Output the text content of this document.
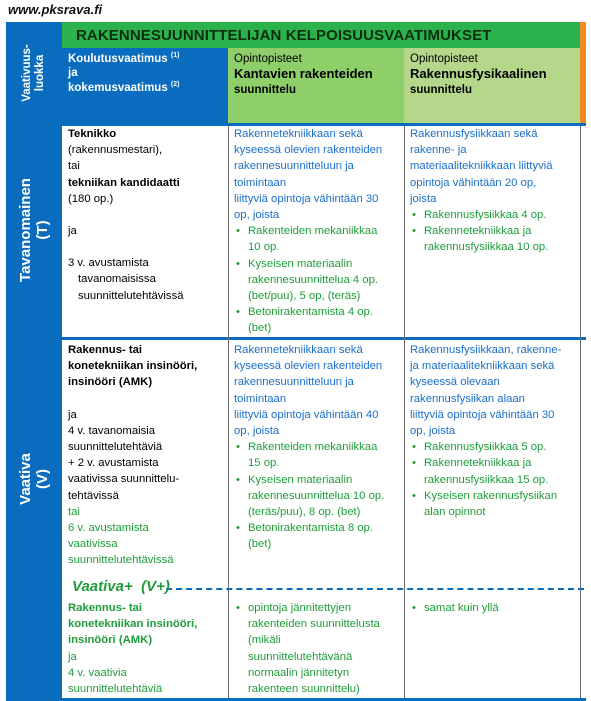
www.pksrava.fi
Vaativuus- luokka
RAKENNESUUNNITTELIJAN KELPOISUUSVAATIMUKSET
Koulutusvaatimus $^{(1)}$
ja
kokemusvaatimus $^{(2)}$
Opintopisteet
Kantavien rakenteiden
suunnittelu
Opintopisteet
Rakennusfysikaalinen
suunnittelu
Tavanomainen (T)
Vaativa (V)
Teknikko
(rakennusmestari),
tai
tekniikan kandidaatti
(180 op.)
ja
3 v. avustamista
tavanomaisissa
suunnittelutehtävissä
Rakennetekniikkaan sekä
kyseessä olevien rakenteiden
rakennesuunnitteluun ja toimintaan
liittyviä opintoja vähintään 30
op, joista
• Rakenteiden mekaniikkaa
10 op.
• Kyseisen materiaalin
rakennesuunnittelua 4 op.
(bet/puu), 5 op, (teräs)
• Betonirakentamista 4 op.
(bet)
Rakennusfysiikkaan sekä
rakenne- ja
materiaalitekniikkaan liittyviä
opintoja vähintään 20 op,
joista
• Rakennusfysiikkaa 4 op.
• Rakennetekniikkaa ja
rakennusfysiikkaa 10 op.
Rakennus- tai
konetekniikan insinööri,
insinööri (AMK)
ja
4 v. tavanomaisia
suunnittelutehtäviä
+ 2 v. avustamista
vaativissa suunnittelu-
tehtävissä
tai
6 v. avustamista
vaativissa
suunnittelutehtävissä
Rakennetekniikkaan sekä
kyseessä olevien rakenteiden
rakennesuunnitteluun ja toimintaan
liittyviä opintoja vähintään 40
op, joista
• Rakenteiden mekaniikkaa
15 op.
• Kyseisen materiaalin
rakennesuunnittelua 10 op.
(teräs/puu), 8 op. (bet)
• Betonirakentamista 8 op.
(bet)
Rakennusfysiikkaan, rakenne-
ja materiaalitekniikkaan sekä
kyseessä olevaan
rakennusfysiikan alaan
liittyviä opintoja vähintään 30
op, joista
• Rakennusfysiikkaa 5 op.
• Rakennetekniikkaa ja
rakennusfysiikkaa 15 op.
• Kyseisen rakennusfysiikan
alan opinnot
Vaativa+ (V+)
Rakennus- tai
konetekniikan insinööri,
insinööri (AMK)
ja
4 v. vaativia
suunnittelutehtäviä
• opintoja jännitettyjen
rakenteiden suunnittelusta
(mikäli
suunnittelutehtävänä
normaalin jännitetyn
rakenteen suunnittelu)
• samat kuin yllä
